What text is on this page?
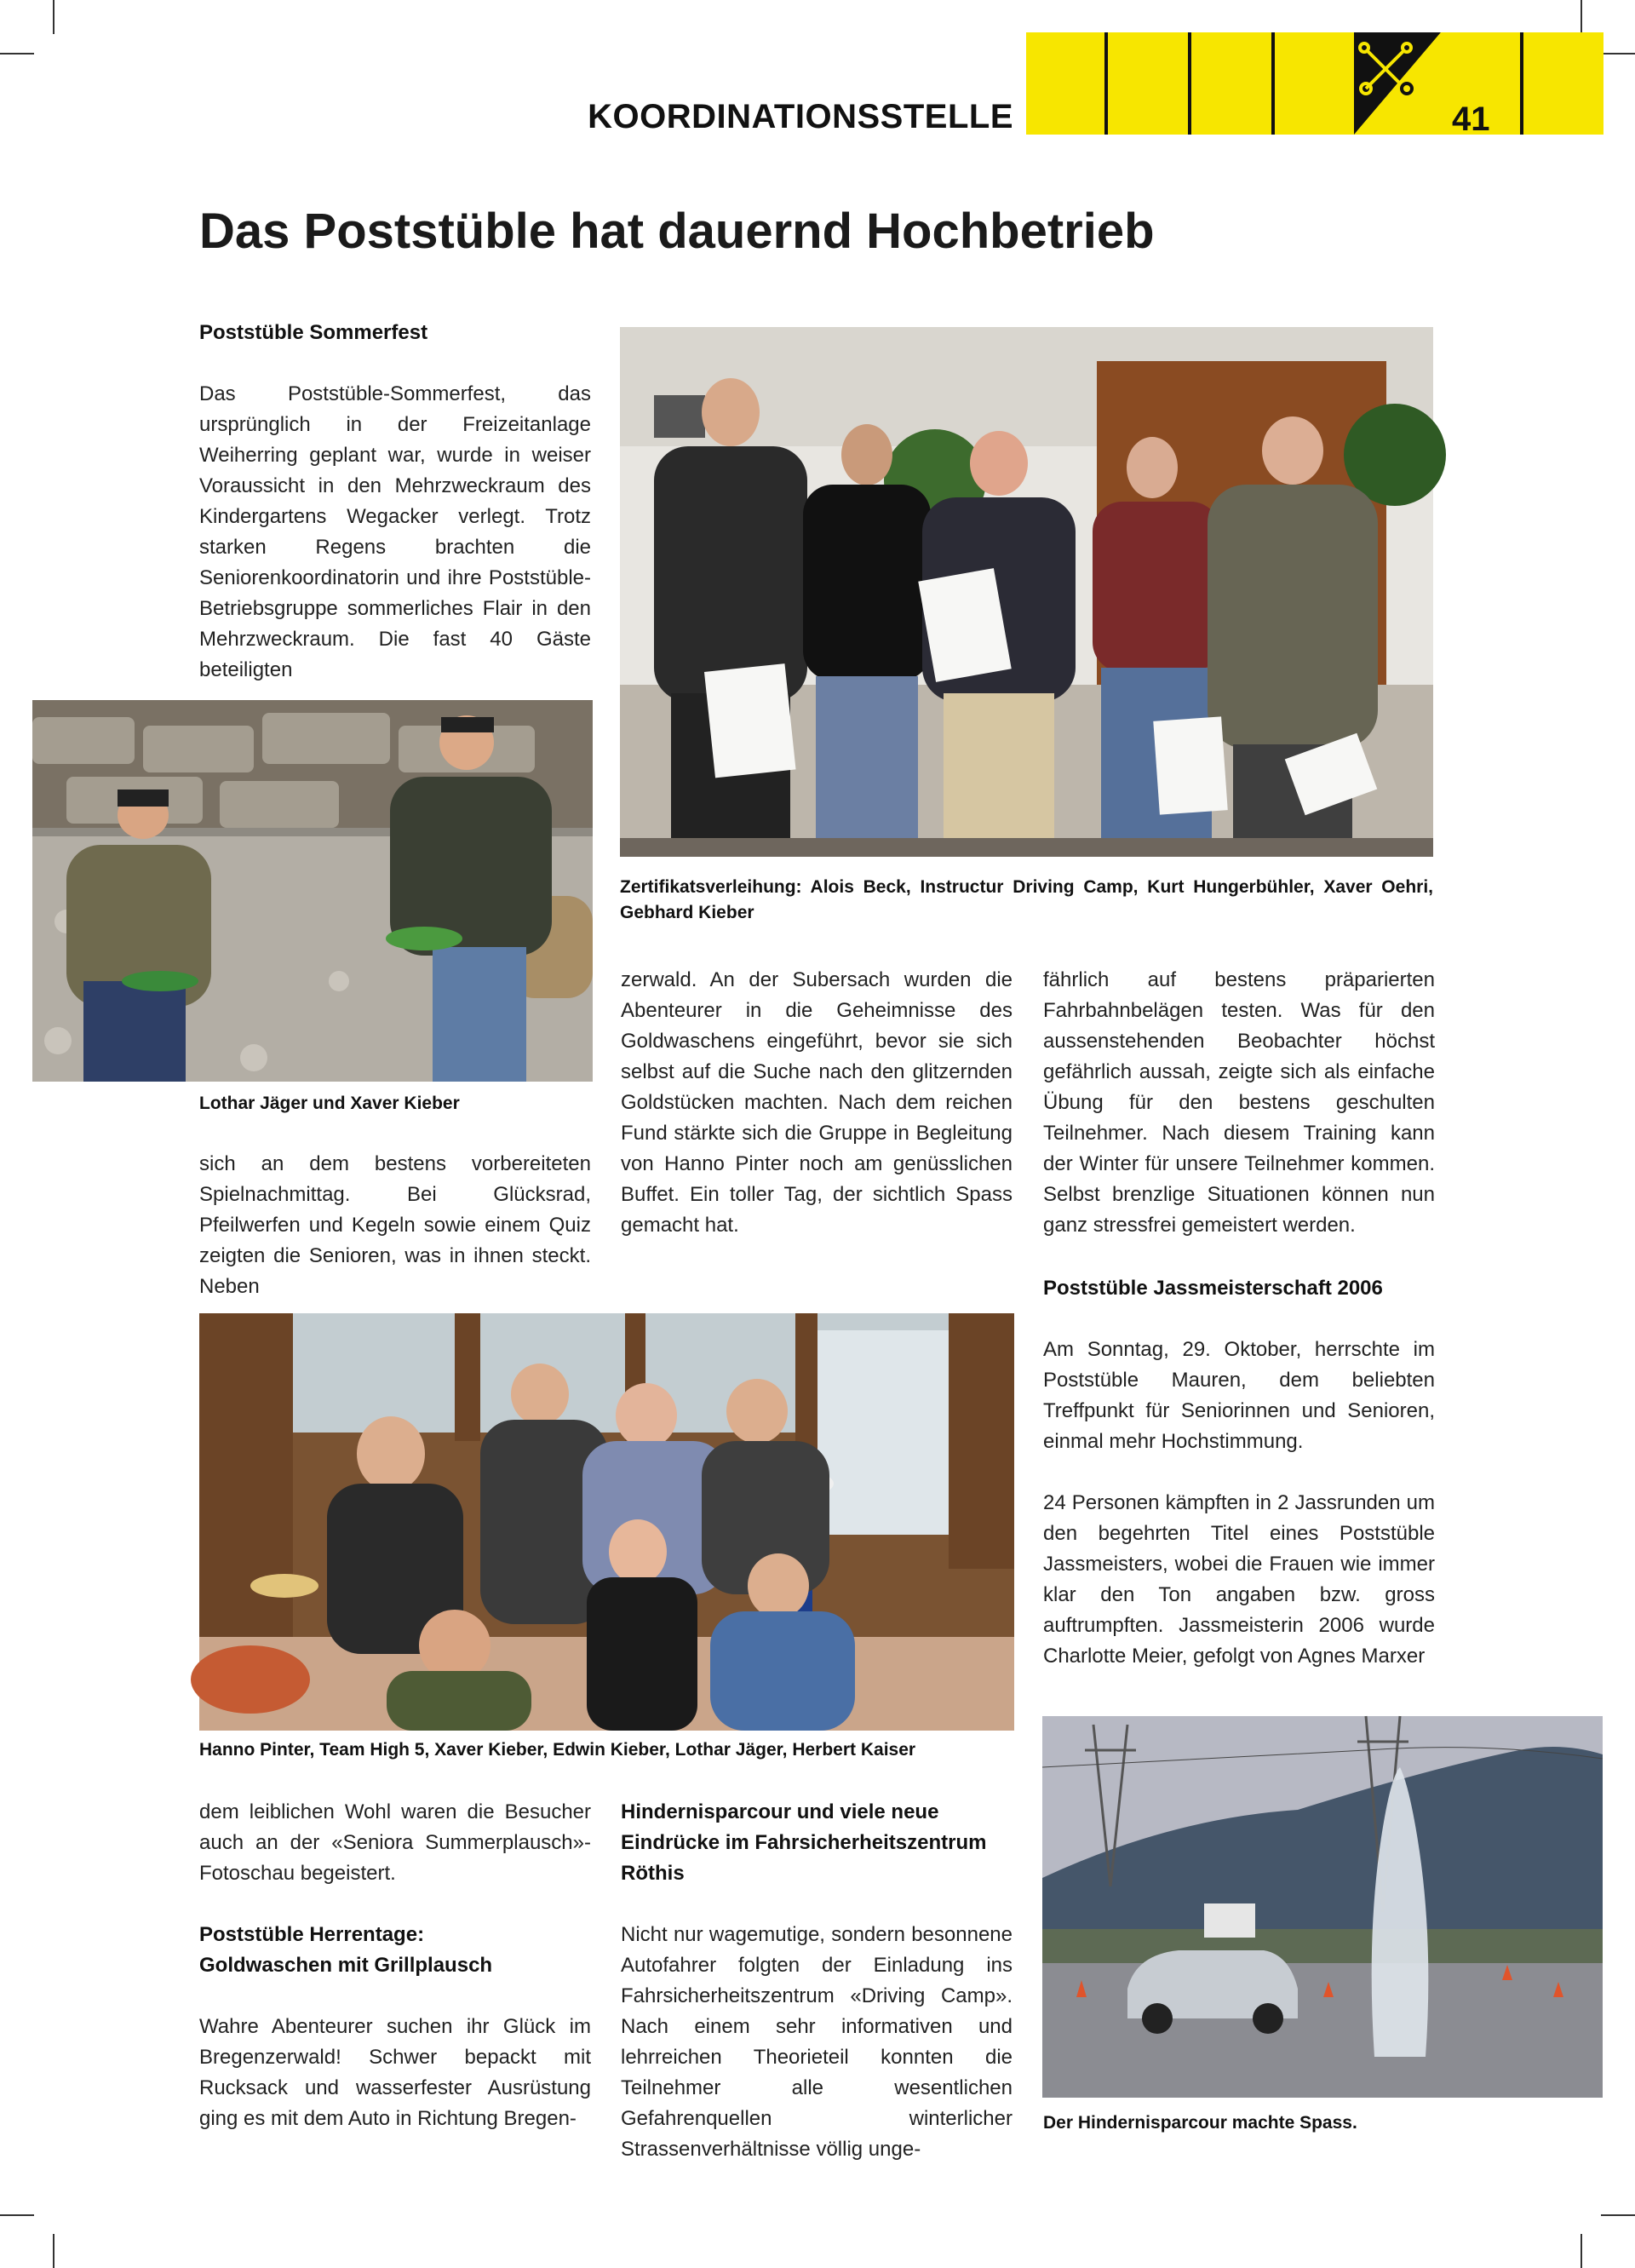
KOORDINATIONSSTELLE	41
Das Poststüble hat dauernd Hochbetrieb
Poststüble Sommerfest
Das Poststüble-Sommerfest, das ursprünglich in der Freizeitanlage Weiherring geplant war, wurde in weiser Voraussicht in den Mehrzweckraum des Kindergartens Wegacker verlegt. Trotz starken Regens brachten die Seniorenkoordinatorin und ihre Poststüble-Betriebsgruppe sommerliches Flair in den Mehrzweckraum. Die fast 40 Gäste beteiligten
Zertifikatsverleihung: Alois Beck, Instructur Driving Camp, Kurt Hungerbühler, Xaver Oehri, Gebhard Kieber
Lothar Jäger und Xaver Kieber
sich an dem bestens vorbereiteten Spielnachmittag. Bei Glücksrad, Pfeilwerfen und Kegeln sowie einem Quiz zeigten die Senioren, was in ihnen steckt. Neben
zerwald. An der Subersach wurden die Abenteurer in die Geheimnisse des Goldwaschens eingeführt, bevor sie sich selbst auf die Suche nach den glitzernden Goldstücken machten. Nach dem reichen Fund stärkte sich die Gruppe in Begleitung von Hanno Pinter noch am genüsslichen Buffet. Ein toller Tag, der sichtlich Spass gemacht hat.
fährlich auf bestens präparierten Fahrbahnbelägen testen. Was für den aussenstehenden Beobachter höchst gefährlich aussah, zeigte sich als einfache Übung für den bestens geschulten Teilnehmer. Nach diesem Training kann der Winter für unsere Teilnehmer kommen. Selbst brenzlige Situationen können nun ganz stressfrei gemeistert werden.
Poststüble Jassmeisterschaft 2006
Am Sonntag, 29. Oktober, herrschte im Poststüble Mauren, dem beliebten Treffpunkt für Seniorinnen und Senioren, einmal mehr Hochstimmung.
24 Personen kämpften in 2 Jassrunden um den begehrten Titel eines Poststüble Jassmeisters, wobei die Frauen wie immer klar den Ton angaben bzw. gross auftrumpften. Jassmeisterin 2006 wurde Charlotte Meier, gefolgt von Agnes Marxer
Hanno Pinter, Team High 5, Xaver Kieber, Edwin Kieber, Lothar Jäger, Herbert Kaiser
Der Hindernisparcour machte Spass.
dem leiblichen Wohl waren die Besucher auch an der «Seniora Summerplausch»-Fotoschau begeistert.
Poststüble Herrentage:
Goldwaschen mit Grillplausch
Wahre Abenteurer suchen ihr Glück im Bregenzerwald! Schwer bepackt mit Rucksack und wasserfester Ausrüstung ging es mit dem Auto in Richtung Bregen-
Hindernisparcour und viele neue
Eindrücke im Fahrsicherheitszentrum
Röthis
Nicht nur wagemutige, sondern besonnene Autofahrer folgten der Einladung ins Fahrsicherheitszentrum «Driving Camp». Nach einem sehr informativen und lehrreichen Theorieteil konnten die Teilnehmer alle wesentlichen Gefahrenquellen winterlicher Strassenverhältnisse völlig unge-
